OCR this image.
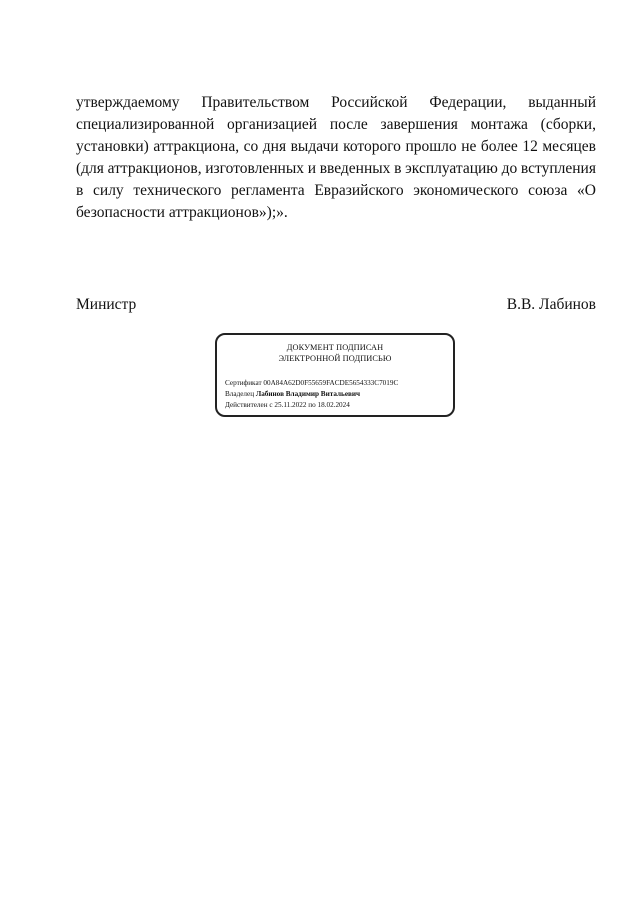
утверждаемому Правительством Российской Федерации, выданный
специализированной организацией после завершения монтажа (сборки,
установки) аттракциона, со дня выдачи которого прошло не более 12 месяцев
(для аттракционов, изготовленных и введенных в эксплуатацию до вступления
в силу технического регламента Евразийского экономического союза «О
безопасности аттракционов»);».
Министр	В.В. Лабинов
ДОКУМЕНТ ПОДПИСАН
ЭЛЕКТРОННОЙ ПОДПИСЬЮ
Сертификат 00A84A62D0F55659FACDE5654333C7019C
Владелец Лабинов Владимир Витальевич
Действителен с 25.11.2022 по 18.02.2024
